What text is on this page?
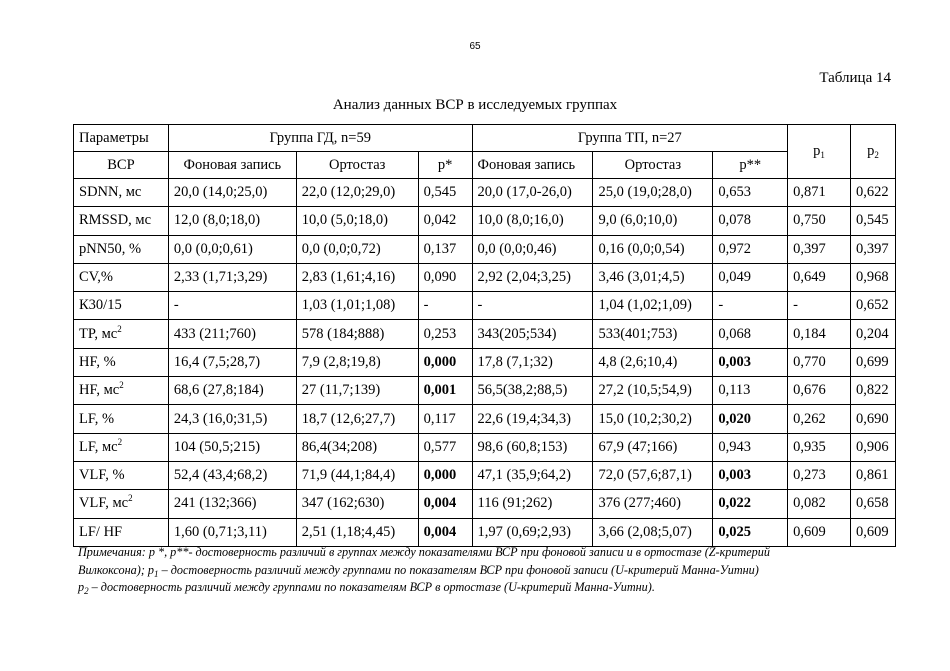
65
Таблица 14
Анализ данных ВСР в исследуемых группах
Параметры	Группа ГД, n=59			Группа ТП, n=27			$p_1$	$p_2$
ВСР	Фоновая запись	Ортостаз	p*	Фоновая запись	Ортостаз	p**		
SDNN, мс	20,0 (14,0;25,0)	22,0 (12,0;29,0)	0,545	20,0 (17,0-26,0)	25,0 (19,0;28,0)	0,653	0,871	0,622
RMSSD, мс	12,0 (8,0;18,0)	10,0 (5,0;18,0)	0,042	10,0 (8,0;16,0)	9,0 (6,0;10,0)	0,078	0,750	0,545
pNN50, %	0,0 (0,0;0,61)	0,0 (0,0;0,72)	0,137	0,0 (0,0;0,46)	0,16 (0,0;0,54)	0,972	0,397	0,397
CV,%	2,33 (1,71;3,29)	2,83 (1,61;4,16)	0,090	2,92 (2,04;3,25)	3,46 (3,01;4,5)	0,049	0,649	0,968
К30/15	-	1,03 (1,01;1,08)	-	-	1,04 (1,02;1,09)	-	-	0,652
TP, $мс^2$	433 (211;760)	578 (184;888)	0,253	343(205;534)	533(401;753)	0,068	0,184	0,204
HF, %	16,4 (7,5;28,7)	7,9 (2,8;19,8)	0,000	17,8 (7,1;32)	4,8 (2,6;10,4)	0,003	0,770	0,699
HF, $мс^2$	68,6 (27,8;184)	27 (11,7;139)	0,001	56,5(38,2;88,5)	27,2 (10,5;54,9)	0,113	0,676	0,822
LF, %	24,3 (16,0;31,5)	18,7 (12,6;27,7)	0,117	22,6 (19,4;34,3)	15,0 (10,2;30,2)	0,020	0,262	0,690
LF, $мс^2$	104 (50,5;215)	86,4(34;208)	0,577	98,6 (60,8;153)	67,9 (47;166)	0,943	0,935	0,906
VLF, %	52,4 (43,4;68,2)	71,9 (44,1;84,4)	0,000	47,1 (35,9;64,2)	72,0 (57,6;87,1)	0,003	0,273	0,861
VLF, $мс^2$	241 (132;366)	347 (162;630)	0,004	116 (91;262)	376 (277;460)	0,022	0,082	0,658
LF/ HF	1,60 (0,71;3,11)	2,51 (1,18;4,45)	0,004	1,97 (0,69;2,93)	3,66 (2,08;5,07)	0,025	0,609	0,609
Примечания: р *, р**- достоверность различий в группах между показателями ВСР при фоновой записи и в ортостазе (Z-критерий
Вилкоксона); $р_1$ – достоверность различий между группами по показателям ВСР при фоновой записи (U-критерий Манна-Уитни)
$р_2$ – достоверность различий между группами по показателям ВСР в ортостазе (U-критерий Манна-Уитни).
